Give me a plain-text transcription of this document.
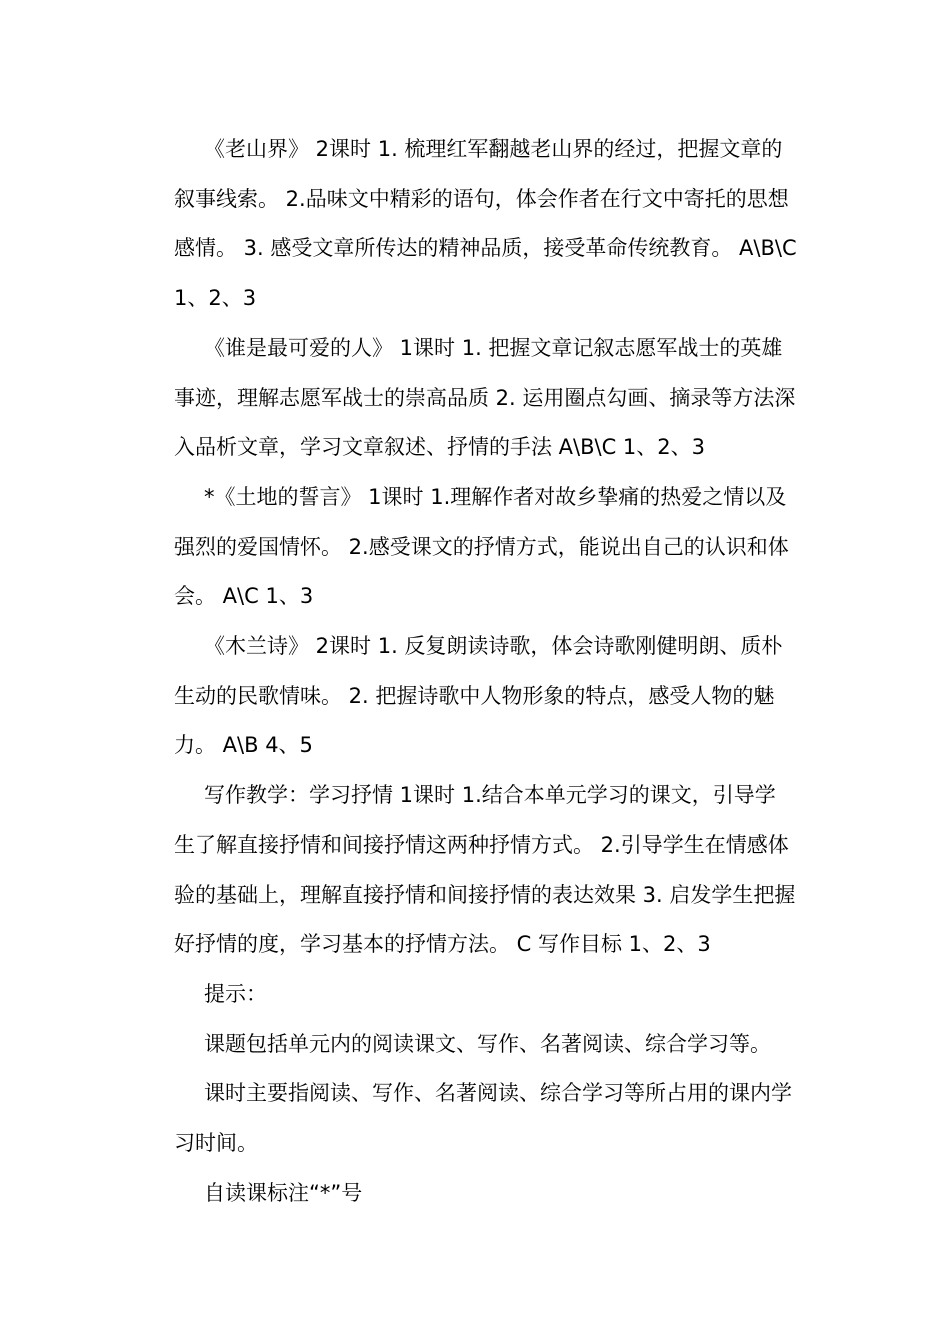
《老山界》 2课时 1. 梳理红军翻越老山界的经过，把握文章的
叙事线索。 2.品味文中精彩的语句，体会作者在行文中寄托的思想
感情。 3. 感受文章所传达的精神品质，接受革命传统教育。 A\B\C
1、2、3
《谁是最可爱的人》 1课时 1. 把握文章记叙志愿军战士的英雄
事迹，理解志愿军战士的崇高品质 2. 运用圈点勾画、摘录等方法深
入品析文章，学习文章叙述、抒情的手法 A\B\C 1、2、3
*《土地的誓言》 1课时 1.理解作者对故乡挚痛的热爱之情以及
强烈的爱国情怀。 2.感受课文的抒情方式，能说出自己的认识和体
会。 A\C 1、3
《木兰诗》 2课时 1. 反复朗读诗歌，体会诗歌刚健明朗、质朴
生动的民歌情味。 2. 把握诗歌中人物形象的特点，感受人物的魅
力。 A\B 4、5
写作教学：学习抒情 1课时 1.结合本单元学习的课文，引导学
生了解直接抒情和间接抒情这两种抒情方式。 2.引导学生在情感体
验的基础上，理解直接抒情和间接抒情的表达效果 3. 启发学生把握
好抒情的度，学习基本的抒情方法。 C 写作目标 1、2、3
提示：
课题包括单元内的阅读课文、写作、名著阅读、综合学习等。
课时主要指阅读、写作、名著阅读、综合学习等所占用的课内学
习时间。
自读课标注“*”号
